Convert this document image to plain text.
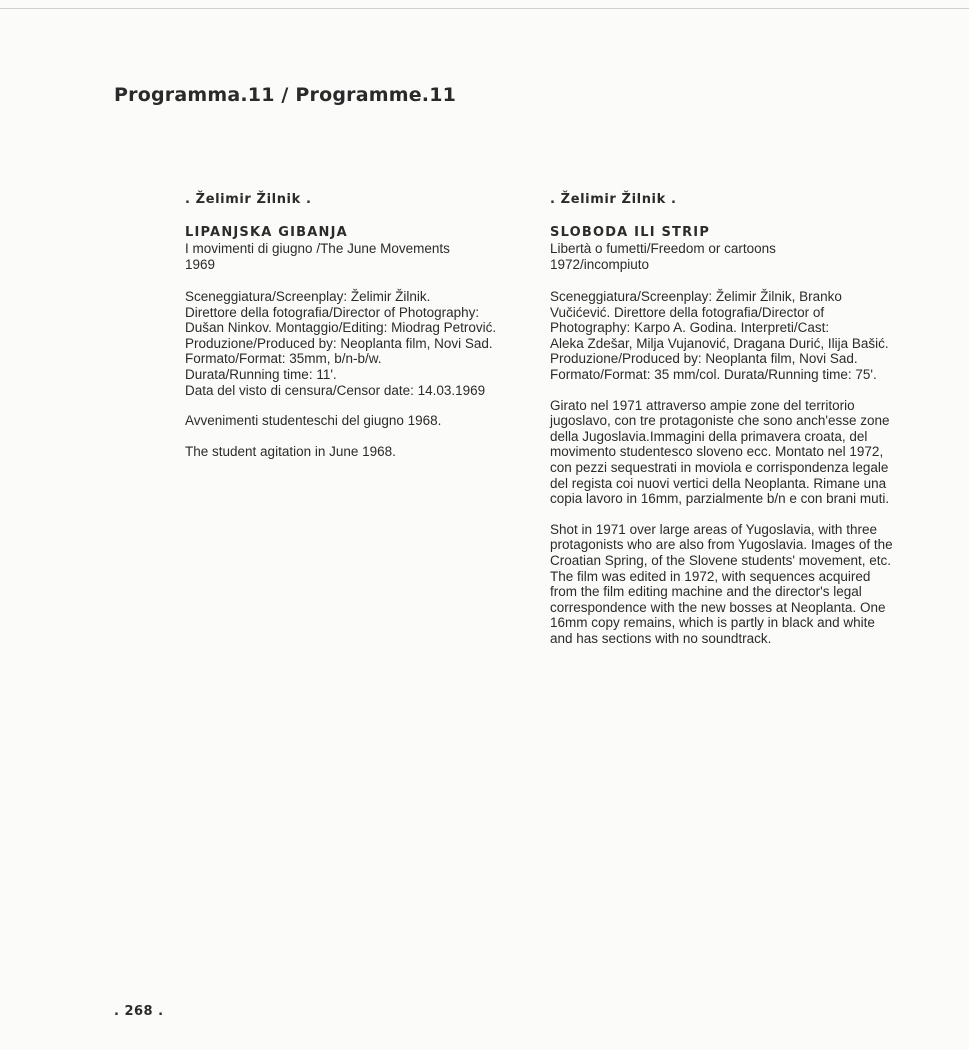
Programma.11 / Programme.11

. Želimir Žilnik .

LIPANJSKA GIBANJA

I movimenti di giugno /The June Movements

1969

Sceneggiatura/Screenplay: Želimir Žilnik.
Direttore della fotografia/Director of Photography:
Dušan Ninkov. Montaggio/Editing: Miodrag Petrović.
Produzione/Produced by: Neoplanta film, Novi Sad.
Formato/Format: 35mm, b/n-b/w.
Durata/Running time: 11'.
Data del visto di censura/Censor date: 14.03.1969

Avvenimenti studenteschi del giugno 1968.

The student agitation in June 1968.

. Želimir Žilnik .

SLOBODA ILI STRIP

Libertà o fumetti/Freedom or cartoons

1972/incompiuto

Sceneggiatura/Screenplay: Želimir Žilnik, Branko
Vučićević. Direttore della fotografia/Director of
Photography: Karpo A. Godina. Interpreti/Cast:
Aleka Zdešar, Milja Vujanović, Dragana Durić, Ilija Bašić.
Produzione/Produced by: Neoplanta film, Novi Sad.
Formato/Format: 35 mm/col. Durata/Running time: 75'.

Girato nel 1971 attraverso ampie zone del territorio
jugoslavo, con tre protagoniste che sono anch'esse zone
della Jugoslavia.Immagini della primavera croata, del
movimento studentesco sloveno ecc. Montato nel 1972,
con pezzi sequestrati in moviola e corrispondenza legale
del regista coi nuovi vertici della Neoplanta. Rimane una
copia lavoro in 16mm, parzialmente b/n e con brani muti.

Shot in 1971 over large areas of Yugoslavia, with three
protagonists who are also from Yugoslavia. Images of the
Croatian Spring, of the Slovene students' movement, etc.
The film was edited in 1972, with sequences acquired
from the film editing machine and the director's legal
correspondence with the new bosses at Neoplanta. One
16mm copy remains, which is partly in black and white
and has sections with no soundtrack.

. 268 .
